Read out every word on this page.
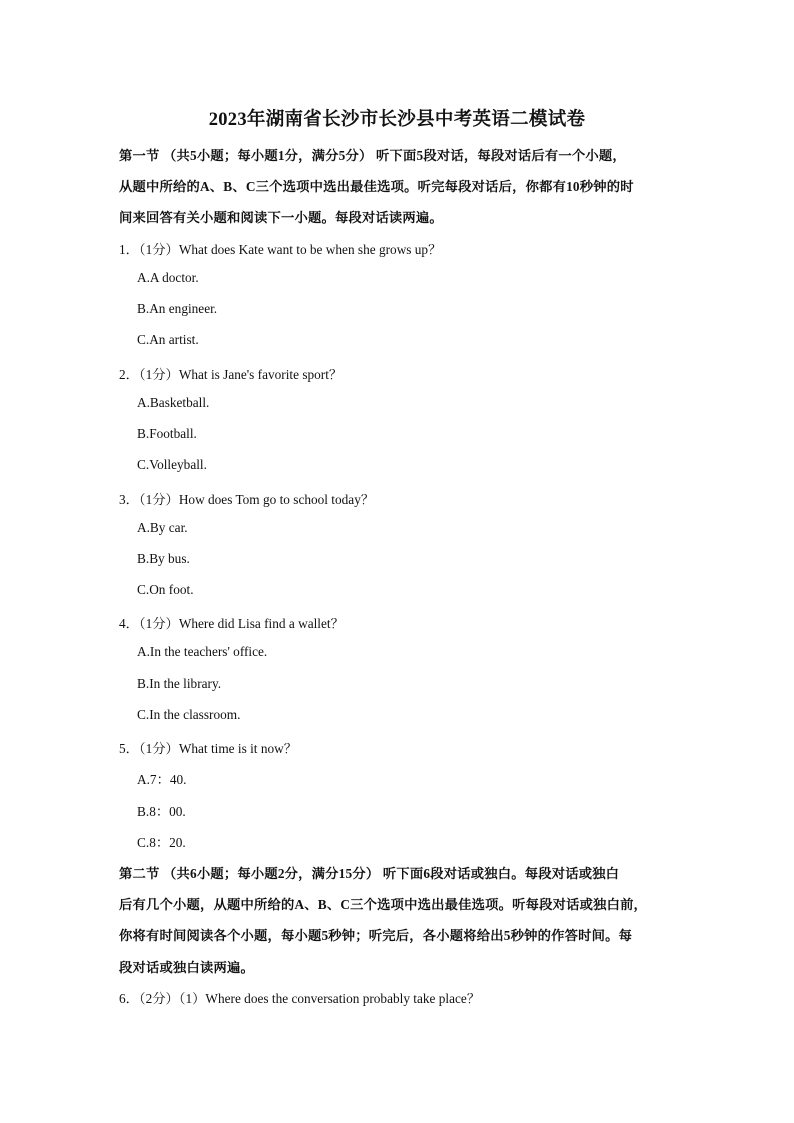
2023年湖南省长沙市长沙县中考英语二模试卷
第一节 （共5小题；每小题1分，满分5分） 听下面5段对话，每段对话后有一个小题，
从题中所给的A、B、C三个选项中选出最佳选项。听完每段对话后，你都有10秒钟的时
间来回答有关小题和阅读下一小题。每段对话读两遍。
1．（1分）What does Kate want to be when she grows up？
A.A doctor.
B.An engineer.
C.An artist.
2．（1分）What is Jane's favorite sport？
A.Basketball.
B.Football.
C.Volleyball.
3．（1分）How does Tom go to school today？
A.By car.
B.By bus.
C.On foot.
4．（1分）Where did Lisa find a wallet？
A.In the teachers' office.
B.In the library.
C.In the classroom.
5．（1分）What time is it now？
A.7：40.
B.8：00.
C.8：20.
第二节 （共6小题；每小题2分，满分15分） 听下面6段对话或独白。每段对话或独白
后有几个小题，从题中所给的A、B、C三个选项中选出最佳选项。听每段对话或独白前，
你将有时间阅读各个小题，每小题5秒钟；听完后，各小题将给出5秒钟的作答时间。每
段对话或独白读两遍。
6．（2分）（1）Where does the conversation probably take place？
